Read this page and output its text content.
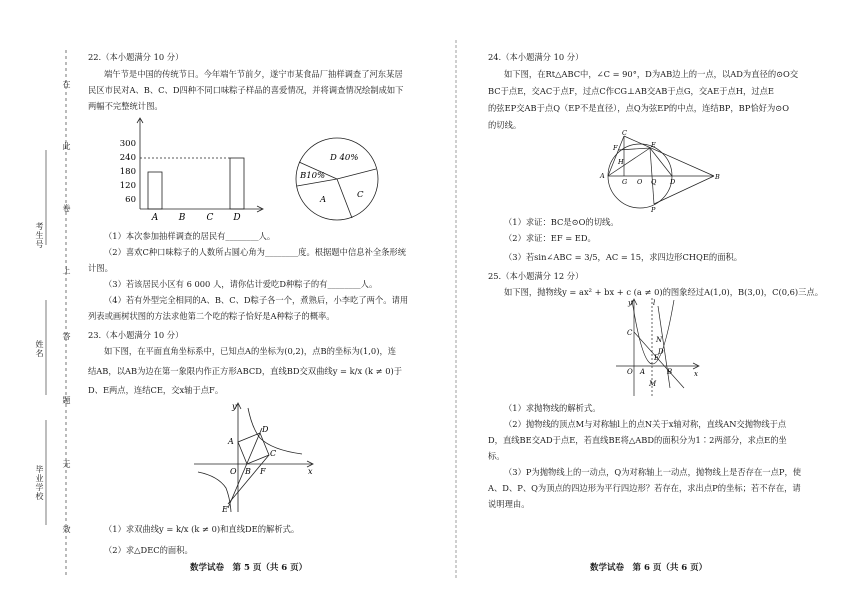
在
此
卷
上
答
题
无
效
考生号
姓名
毕业学校
22.（本小题满分 10 分）
端午节是中国的传统节日。今年端午节前夕，遂宁市某食品厂抽样调查了河东某居
民区市民对A、B、C、D四种不同口味粽子样品的喜爱情况，并将调查情况绘制成如下
两幅不完整统计图。
300
240
180
120
60
A B C D
D 40%
B10%
A	C
（1）本次参加抽样调查的居民有________人。
（2）喜欢C种口味粽子的人数所占圆心角为________度。根据题中信息补全条形统
计图。
（3）若该居民小区有 6 000 人，请你估计爱吃D种粽子的有________人。
（4）若有外型完全相同的A、B、C、D粽子各一个，煮熟后，小李吃了两个。请用
列表或画树状图的方法求他第二个吃的粽子恰好是A种粽子的概率。
23.（本小题满分 10 分）
如下图，在平面直角坐标系中，已知点A的坐标为(0,2)，点B的坐标为(1,0)，连
结AB，以AB为边在第一象限内作正方形ABCD，直线BD交双曲线y = k/x (k ≠ 0)于
D、E两点，连结CE，交x轴于点F。
y
x
D
A
C
O B F
E
（1）求双曲线y = k/x (k ≠ 0)和直线DE的解析式。
（2）求△DEC的面积。
数学试卷　第 5 页（共 6 页）
24.（本小题满分 10 分）
如下图，在Rt△ABC中，∠C = 90°，D为AB边上的一点，以AD为直径的⊙O交
BC于点E，交AC于点F，过点C作CG⊥AB交AB于点G，交AE于点H，过点E
的弦EP交AB于点Q（EP不是直径），点Q为弦EP的中点，连结BP，BP恰好为⊙O
的切线。
C
F
H
E
A
G O Q D
B
P
（1）求证：BC是⊙O的切线。
（2）求证：EF = ED。
（3）若sin∠ABC = 3/5，AC = 15，求四边形CHQE的面积。
25.（本小题满分 12 分）
如下图，抛物线y = ax² + bx + c (a ≠ 0)的图象经过A(1,0)，B(3,0)，C(0,6)三点。
y	l
C
N
D
E
O A
M
B	x
（1）求抛物线的解析式。
（2）抛物线的顶点M与对称轴l上的点N关于x轴对称，直线AN交抛物线于点
D，直线BE交AD于点E，若直线BE将△ABD的面积分为1∶2两部分，求点E的坐
标。
（3）P为抛物线上的一动点，Q为对称轴上一动点，抛物线上是否存在一点P，使
A、D、P、Q为顶点的四边形为平行四边形？若存在，求出点P的坐标；若不存在，请
说明理由。
数学试卷　第 6 页（共 6 页）
